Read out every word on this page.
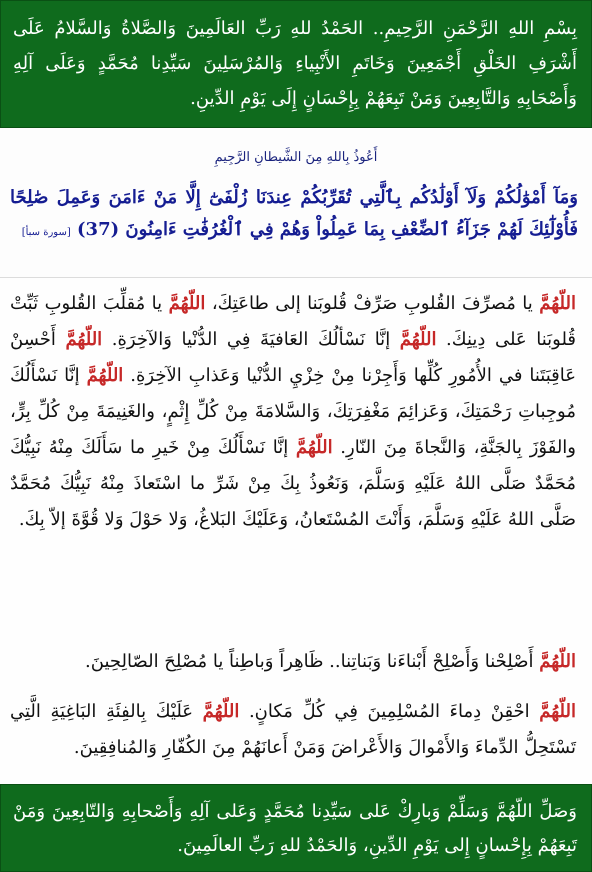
بِسْمِ اللهِ الرَّحْمَنِ الرَّحِيمِ.. الحَمْدُ للهِ رَبِّ العَالَمِينَ وَالصَّلاةُ وَالسَّلامُ عَلَى أَشْرَفِ الخَلْقِ أَجْمَعِينَ وَخَاتَمِ الأَنْبِياءِ وَالمُرْسَلِينَ سَيِّدِنا مُحَمَّدٍ وَعَلَى آلِهِ وَأَصْحَابِهِ وَالتَّابِعِينَ وَمَنْ تَبِعَهُمْ بِإِحْسَانٍ إِلَى يَوْمِ الدِّينِ.
أَعُوذُ بِاللهِ مِنَ الشَّيطانِ الرَّجِيمِ

وَمَآ أَمْوَٰلُكُمْ وَلَآ أَوْلَٰدُكُم بِٱلَّتِي تُقَرِّبُكُمْ عِندَنَا زُلْفَىٰٓ إِلَّا مَنْ ءَامَنَ وَعَمِلَ صَٰلِحًا فَأُوْلَٰٓئِكَ لَهُمْ جَزَآءُ ٱلضِّعْفِ بِمَا عَمِلُواْ وَهُمْ فِي ٱلْغُرُفَٰتِ ءَامِنُونَ (37) [سورة سبأ]

اللّهُمَّ يا مُصرِّفَ القُلوبِ صَرِّفْ قُلوبَنا إلى طاعَتِكَ، اللّهُمَّ يا مُقلِّبَ القُلوبِ ثَبِّتْ قُلوبَنا عَلى دِينِكَ. اللّهُمَّ إنَّا نَسْألُكَ العَافيَةَ فِي الدُّنْيا وَالآخِرَةِ. اللّهُمَّ أَحْسِنْ عَاقِبَتَنا في الأُمُورِ كُلِّها وَأَجِرْنا مِنْ خِزْيِ الدُّنْيا وَعَذابِ الآخِرَةِ. اللّهُمَّ إنَّا نَسْأَلُكَ مُوجِباتِ رَحْمَتِكَ، وَعَزائِمَ مَغْفِرَتِكَ، وَالسَّلامَةَ مِنْ كُلِّ إِثْمٍ، والغَنِيمَةَ مِنْ كُلِّ بِرٍّ، والفَوْزَ بِالجَنَّةِ، وَالنَّجاةَ مِنَ النّارِ. اللّهُمَّ إنَّا نَسْأَلُكَ مِنْ خَيرِ ما سَأَلَكَ مِنْهُ نَبِيُّكَ مُحَمَّدٌ صَلَّى اللهُ عَلَيْهِ وَسَلَّمَ، وَنَعُوذُ بِكَ مِنْ شَرِّ ما اسْتَعاذَ مِنْهُ نَبِيُّكَ مُحَمَّدٌ صَلَّى اللهُ عَلَيْهِ وَسَلَّمَ، وَأَنْتَ المُسْتَعانُ، وَعَلَيْكَ البَلاغُ، وَلا حَوْلَ وَلا قُوَّةَ إلاّ بِكَ.

اللّهُمَّ أَصْلِحْنا وَأَصْلِحْ أَبْناءَنا وَبَناتِنا.. ظَاهِراً وَباطِناً يا مُصْلِحَ الصّالِحِينَ.

اللّهُمَّ احْقِنْ دِماءَ المُسْلِمِينَ فِي كُلِّ مَكانٍ. اللّهُمَّ عَلَيْكَ بِالفِئَةِ البَاغِيَةِ الَّتِي تَسْتَحِلُّ الدِّماءَ وَالأَمْوالَ وَالأَعْراضَ وَمَنْ أَعانَهُمْ مِنَ الكُفّارِ وَالمُنافِقِينَ.

وَصَلِّ اللّهُمَّ وَسَلِّمْ وَبارِكْ عَلى سَيِّدِنا مُحَمَّدٍ وَعَلى آلِهِ وَأَصْحابِهِ وَالتّابِعِينَ وَمَنْ تَبِعَهُمْ بِإِحْسانٍ إِلى يَوْمِ الدِّينِ، وَالحَمْدُ للهِ رَبِّ العالَمِينَ.
